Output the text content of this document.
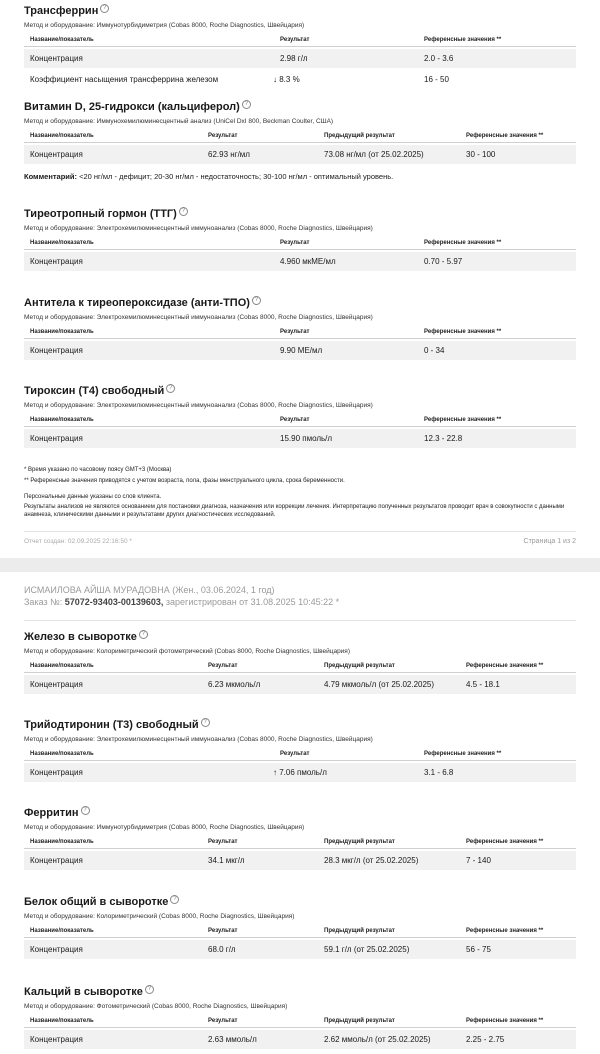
Трансферрин ?

Метод и оборудование: Иммунотурбидиметрия (Cobas 8000, Roche Diagnostics, Швейцария)
Название/показатель	Результат	Референсные значения **
Концентрация	2.98 г/л	2.0 - 3.6
Коэффициент насыщения трансферрина железом	↓ 8.3 %	16 - 50

Витамин D, 25-гидрокси (кальциферол) ?

Метод и оборудование: Иммунохемилюминесцентный анализ (UniCel DxI 800, Beckman Coulter, США)
Название/показатель	Результат	Предыдущий результат	Референсные значения **
Концентрация	62.93 нг/мл	73.08 нг/мл (от 25.02.2025)	30 - 100
Комментарий: <20 нг/мл - дефицит; 20-30 нг/мл - недостаточность; 30-100 нг/мл - оптимальный уровень.

Тиреотропный гормон (ТТГ) ?

Метод и оборудование: Электрохемилюминесцентный иммуноанализ (Cobas 8000, Roche Diagnostics, Швейцария)
Название/показатель	Результат	Референсные значения **
Концентрация	4.960 мкМЕ/мл	0.70 - 5.97

Антитела к тиреопероксидазе (анти-ТПО) ?

Метод и оборудование: Электрохемилюминесцентный иммуноанализ (Cobas 8000, Roche Diagnostics, Швейцария)
Название/показатель	Результат	Референсные значения **
Концентрация	9.90 МЕ/мл	0 - 34

Тироксин (Т4) свободный ?

Метод и оборудование: Электрохемилюминесцентный иммуноанализ (Cobas 8000, Roche Diagnostics, Швейцария)
Название/показатель	Результат	Референсные значения **
Концентрация	15.90 пмоль/л	12.3 - 22.8
* Время указано по часовому поясу GMT+3 (Москва)
** Референсные значения приводятся с учетом возраста, пола, фазы менструального цикла, срока беременности.
Персональные данные указаны со слов клиента.
Результаты анализов не являются основанием для постановки диагноза, назначения или коррекции лечения. Интерпретацию полученных результатов проводит врач в совокупности с данными анамнеза, клиническими данными и результатами других диагностических исследований.
Отчет создан: 02.09.2025 22:16:50 *	Страница 1 из 2
ИСМАИЛОВА АЙША МУРАДОВНА (Жен., 03.06.2024, 1 год)
Заказ №: 57072-93403-00139603, зарегистрирован от 31.08.2025 10:45:22 *

Железо в сыворотке ?

Метод и оборудование: Колориметрический фотометрический (Cobas 8000, Roche Diagnostics, Швейцария)
Название/показатель	Результат	Предыдущий результат	Референсные значения **
Концентрация	6.23 мкмоль/л	4.79 мкмоль/л (от 25.02.2025)	4.5 - 18.1

Трийодтиронин (Т3) свободный ?

Метод и оборудование: Электрохемилюминесцентный иммуноанализ (Cobas 8000, Roche Diagnostics, Швейцария)
Название/показатель	Результат	Референсные значения **
Концентрация	↑ 7.06 пмоль/л	3.1 - 6.8

Ферритин ?

Метод и оборудование: Иммунотурбидиметрия (Cobas 8000, Roche Diagnostics, Швейцария)
Название/показатель	Результат	Предыдущий результат	Референсные значения **
Концентрация	34.1 мкг/л	28.3 мкг/л (от 25.02.2025)	7 - 140

Белок общий в сыворотке ?

Метод и оборудование: Колориметрический (Cobas 8000, Roche Diagnostics, Швейцария)
Название/показатель	Результат	Предыдущий результат	Референсные значения **
Концентрация	68.0 г/л	59.1 г/л (от 25.02.2025)	56 - 75

Кальций в сыворотке ?

Метод и оборудование: Фотометрический (Cobas 8000, Roche Diagnostics, Швейцария)
Название/показатель	Результат	Предыдущий результат	Референсные значения **
Концентрация	2.63 ммоль/л	2.62 ммоль/л (от 25.02.2025)	2.25 - 2.75
